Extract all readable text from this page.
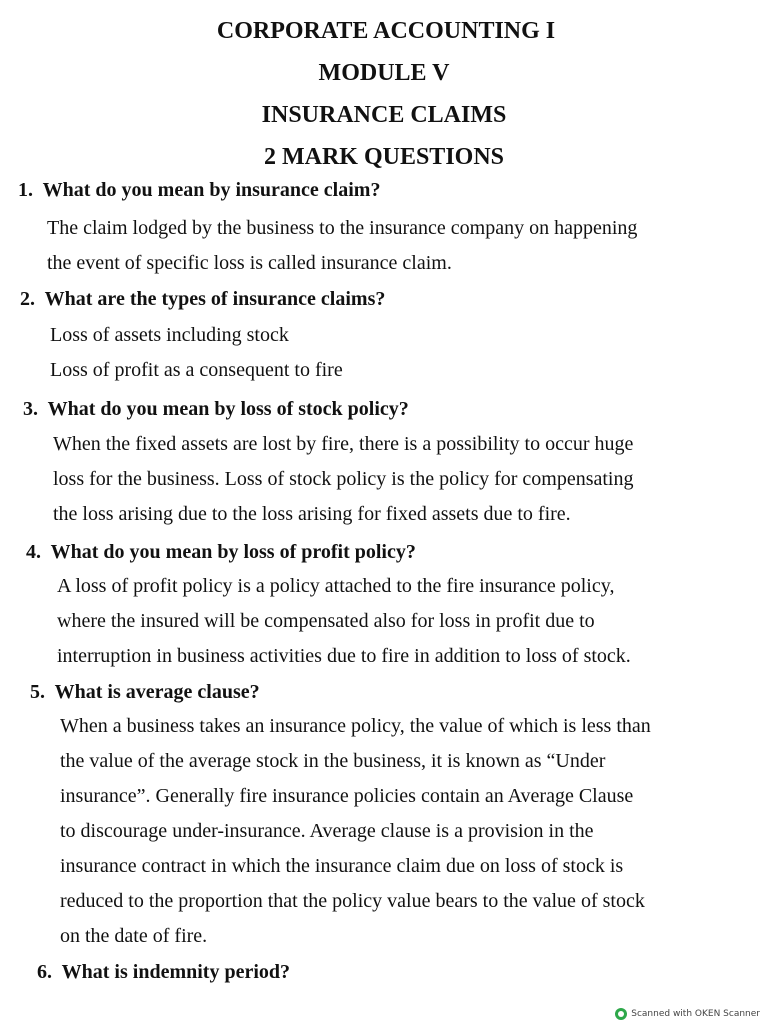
CORPORATE ACCOUNTING I
MODULE V
INSURANCE CLAIMS
2 MARK QUESTIONS
1. What do you mean by insurance claim?
The claim lodged by the business to the insurance company on happening
the event of specific loss is called insurance claim.
2. What are the types of insurance claims?
Loss of assets including stock
Loss of profit as a consequent to fire
3. What do you mean by loss of stock policy?
When the fixed assets are lost by fire, there is a possibility to occur huge
loss for the business. Loss of stock policy is the policy for compensating
the loss arising due to the loss arising for fixed assets due to fire.
4. What do you mean by loss of profit policy?
A loss of profit policy is a policy attached to the fire insurance policy,
where the insured will be compensated also for loss in profit due to
interruption in business activities due to fire in addition to loss of stock.
5. What is average clause?
When a business takes an insurance policy, the value of which is less than
the value of the average stock in the business, it is known as “Under
insurance”. Generally fire insurance policies contain an Average Clause
to discourage under-insurance. Average clause is a provision in the
insurance contract in which the insurance claim due on loss of stock is
reduced to the proportion that the policy value bears to the value of stock
on the date of fire.
6. What is indemnity period?
Scanned with OKEN Scanner
